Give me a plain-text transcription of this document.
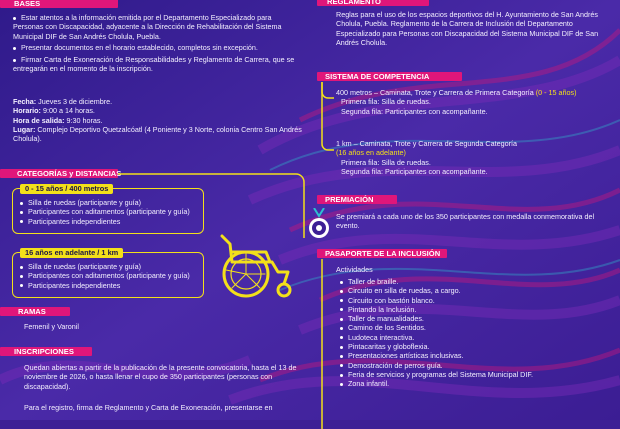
BASES
Estar atentos a la información emitida por el Departamento Especializado para Personas con Discapacidad, adyacente a la Dirección de Rehabilitación del Sistema Municipal DIF de San Andrés Cholula, Puebla.
Presentar documentos en el horario establecido, completos sin excepción.
Firmar Carta de Exoneración de Responsabilidades y Reglamento de Carrera, que se entregarán en el momento de la inscripción.
Fecha: Jueves 3 de diciembre.
Horario: 9:00 a 14 horas.
Hora de salida: 9:30 horas.
Lugar: Complejo Deportivo Quetzalcóatl (4 Poniente y 3 Norte, colonia Centro San Andrés Cholula).
CATEGORÍAS y DISTANCIAS
0 - 15 años / 400 metros
Silla de ruedas (participante y guía)
Participantes con aditamentos (participante y guía)
Participantes independientes
16 años en adelante / 1 km
Silla de ruedas (participante y guía)
Participantes con aditamentos (participante y guía)
Participantes independientes
RAMAS
Femenil y Varonil
INSCRIPCIONES
Quedan abiertas a partir de la publicación de la presente convocatoria, hasta el 13 de noviembre de 2026, o hasta llenar el cupo de 350 participantes (personas con discapacidad).
Para el registro, firma de Reglamento y Carta de Exoneración, presentarse en
REGLAMENTO
Reglas para el uso de los espacios deportivos del H. Ayuntamiento de San Andrés Cholula, Puebla. Reglamento de la Carrera de Inclusión del Departamento Especializado para Personas con Discapacidad del Sistema Municipal DIF de San Andrés Cholula.
SISTEMA DE COMPETENCIA
400 metros – Caminata, Trote y Carrera de Primera Categoría (0 - 15 años)
Primera fila: Silla de ruedas.
Segunda fila: Participantes con acompañante.
1 km – Caminata, Trote y Carrera de Segunda Categoría
(16 años en adelante)
Primera fila: Silla de ruedas.
Segunda fila: Participantes con acompañante.
PREMIACIÓN
Se premiará a cada uno de los 350 participantes con medalla conmemorativa del evento.
PASAPORTE DE LA INCLUSIÓN
Actividades
Taller de braille.
Circuito en silla de ruedas, a cargo.
Circuito con bastón blanco.
Pintando la Inclusión.
Taller de manualidades.
Camino de los Sentidos.
Ludoteca interactiva.
Pintacaritas y globoflexia.
Presentaciones artísticas inclusivas.
Demostración de perros guía.
Feria de servicios y programas del Sistema Municipal DIF.
Zona infantil.
